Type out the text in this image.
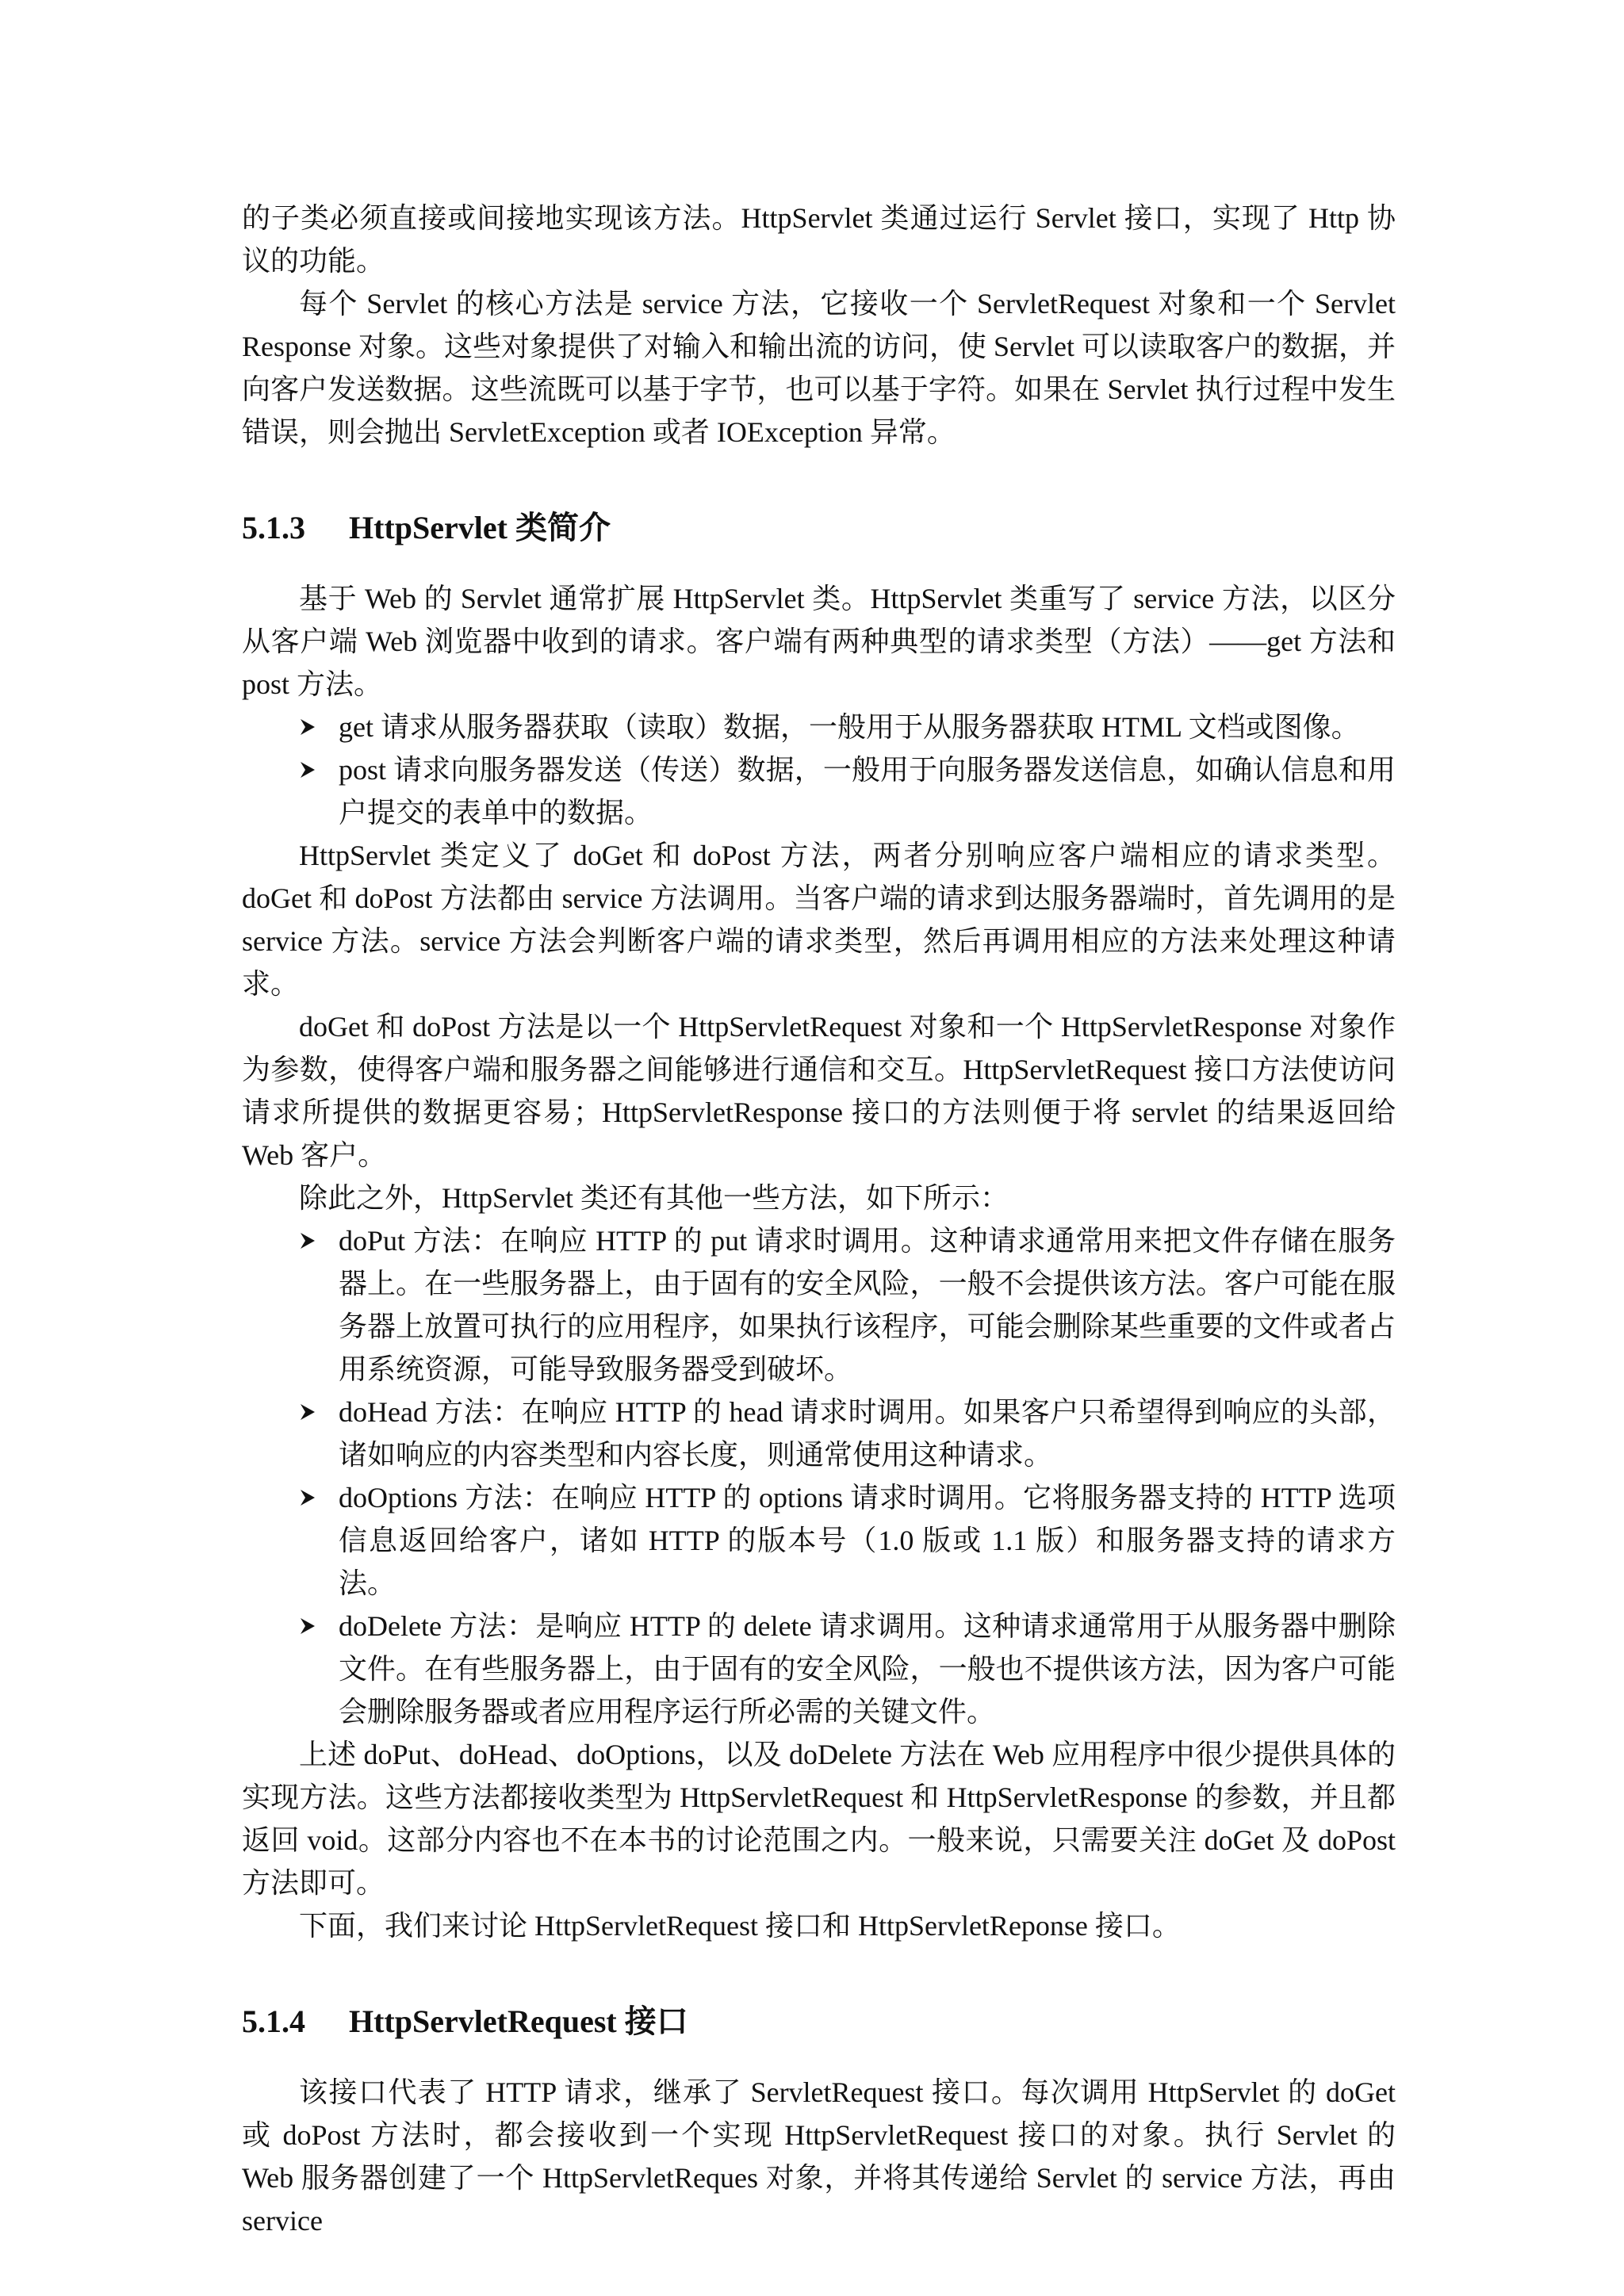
的子类必须直接或间接地实现该方法。HttpServlet 类通过运行 Servlet 接口，实现了 Http 协议的功能。

每个 Servlet 的核心方法是 service 方法，它接收一个 ServletRequest 对象和一个 Servlet Response 对象。这些对象提供了对输入和输出流的访问，使 Servlet 可以读取客户的数据，并向客户发送数据。这些流既可以基于字节，也可以基于字符。如果在 Servlet 执行过程中发生错误，则会抛出 ServletException 或者 IOException 异常。

5.1.3 HttpServlet 类简介

基于 Web 的 Servlet 通常扩展 HttpServlet 类。HttpServlet 类重写了 service 方法，以区分从客户端 Web 浏览器中收到的请求。客户端有两种典型的请求类型（方法）——get 方法和 post 方法。

get 请求从服务器获取（读取）数据，一般用于从服务器获取 HTML 文档或图像。
post 请求向服务器发送（传送）数据，一般用于向服务器发送信息，如确认信息和用户提交的表单中的数据。

HttpServlet 类定义了 doGet 和 doPost 方法，两者分别响应客户端相应的请求类型。doGet 和 doPost 方法都由 service 方法调用。当客户端的请求到达服务器端时，首先调用的是 service 方法。service 方法会判断客户端的请求类型，然后再调用相应的方法来处理这种请求。

doGet 和 doPost 方法是以一个 HttpServletRequest 对象和一个 HttpServletResponse 对象作为参数，使得客户端和服务器之间能够进行通信和交互。HttpServletRequest 接口方法使访问请求所提供的数据更容易；HttpServletResponse 接口的方法则便于将 servlet 的结果返回给 Web 客户。

除此之外，HttpServlet 类还有其他一些方法，如下所示：

doPut 方法：在响应 HTTP 的 put 请求时调用。这种请求通常用来把文件存储在服务器上。在一些服务器上，由于固有的安全风险，一般不会提供该方法。客户可能在服务器上放置可执行的应用程序，如果执行该程序，可能会删除某些重要的文件或者占用系统资源，可能导致服务器受到破坏。
doHead 方法：在响应 HTTP 的 head 请求时调用。如果客户只希望得到响应的头部，诸如响应的内容类型和内容长度，则通常使用这种请求。
doOptions 方法：在响应 HTTP 的 options 请求时调用。它将服务器支持的 HTTP 选项信息返回给客户，诸如 HTTP 的版本号（1.0 版或 1.1 版）和服务器支持的请求方法。
doDelete 方法：是响应 HTTP 的 delete 请求调用。这种请求通常用于从服务器中删除文件。在有些服务器上，由于固有的安全风险，一般也不提供该方法，因为客户可能会删除服务器或者应用程序运行所必需的关键文件。

上述 doPut、doHead、doOptions，以及 doDelete 方法在 Web 应用程序中很少提供具体的实现方法。这些方法都接收类型为 HttpServletRequest 和 HttpServletResponse 的参数，并且都返回 void。这部分内容也不在本书的讨论范围之内。一般来说，只需要关注 doGet 及 doPost 方法即可。

下面，我们来讨论 HttpServletRequest 接口和 HttpServletReponse 接口。

5.1.4 HttpServletRequest 接口

该接口代表了 HTTP 请求，继承了 ServletRequest 接口。每次调用 HttpServlet 的 doGet 或 doPost 方法时，都会接收到一个实现 HttpServletRequest 接口的对象。执行 Servlet 的　 Web 服务器创建了一个 HttpServletReques 对象，并将其传递给 Servlet 的 service 方法，再由 service
